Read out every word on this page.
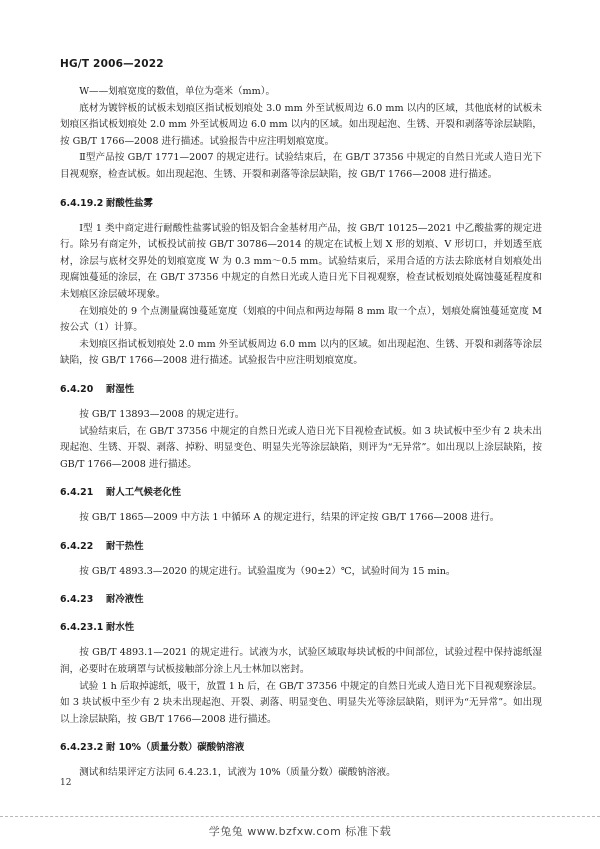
HG/T 2006—2022

W——划痕宽度的数值，单位为毫米（mm）。

底材为镀锌板的试板未划痕区指试板划痕处 3.0 mm 外至试板周边 6.0 mm 以内的区域，其他底材的试板未划痕区指试板划痕处 2.0 mm 外至试板周边 6.0 mm 以内的区域。如出现起泡、生锈、开裂和剥落等涂层缺陷，按 GB/T 1766—2008 进行描述。试验报告中应注明划痕宽度。

Ⅱ型产品按 GB/T 1771—2007 的规定进行。试验结束后，在 GB/T 37356 中规定的自然日光或人造日光下目视观察，检查试板。如出现起泡、生锈、开裂和剥落等涂层缺陷，按 GB/T 1766—2008 进行描述。

6.4.19.2 耐酸性盐雾

Ⅰ型 1 类中商定进行耐酸性盐雾试验的铝及铝合金基材用产品，按 GB/T 10125—2021 中乙酸盐雾的规定进行。除另有商定外，试板投试前按 GB/T 30786—2014 的规定在试板上划 X 形的划痕、V 形切口，并划透至底材，涂层与底材交界处的划痕宽度 W 为 0.3 mm～0.5 mm。试验结束后，采用合适的方法去除底材自划痕处出现腐蚀蔓延的涂层，在 GB/T 37356 中规定的自然日光或人造日光下目视观察，检查试板划痕处腐蚀蔓延程度和未划痕区涂层破坏现象。

在划痕处的 9 个点测量腐蚀蔓延宽度（划痕的中间点和两边每隔 8 mm 取一个点），划痕处腐蚀蔓延宽度 M 按公式（1）计算。

未划痕区指试板划痕处 2.0 mm 外至试板周边 6.0 mm 以内的区域。如出现起泡、生锈、开裂和剥落等涂层缺陷，按 GB/T 1766—2008 进行描述。试验报告中应注明划痕宽度。

6.4.20 耐湿性

按 GB/T 13893—2008 的规定进行。

试验结束后，在 GB/T 37356 中规定的自然日光或人造日光下目视检查试板。如 3 块试板中至少有 2 块未出现起泡、生锈、开裂、剥落、掉粉、明显变色、明显失光等涂层缺陷，则评为“无异常”。如出现以上涂层缺陷，按 GB/T 1766—2008 进行描述。

6.4.21 耐人工气候老化性

按 GB/T 1865—2009 中方法 1 中循环 A 的规定进行，结果的评定按 GB/T 1766—2008 进行。

6.4.22 耐干热性

按 GB/T 4893.3—2020 的规定进行。试验温度为（90±2）℃，试验时间为 15 min。

6.4.23 耐冷液性
6.4.23.1 耐水性

按 GB/T 4893.1—2021 的规定进行。试液为水，试验区域取每块试板的中间部位，试验过程中保持滤纸湿润，必要时在玻璃罩与试板接触部分涂上凡士林加以密封。

试验 1 h 后取掉滤纸，吸干，放置 1 h 后，在 GB/T 37356 中规定的自然日光或人造日光下目视观察涂层。如 3 块试板中至少有 2 块未出现起泡、开裂、剥落、明显变色、明显失光等涂层缺陷，则评为“无异常”。如出现以上涂层缺陷，按 GB/T 1766—2008 进行描述。

6.4.23.2 耐 10%（质量分数）碳酸钠溶液

测试和结果评定方法同 6.4.23.1，试液为 10%（质量分数）碳酸钠溶液。

12
学兔兔 www.bzfxw.com 标准下载
